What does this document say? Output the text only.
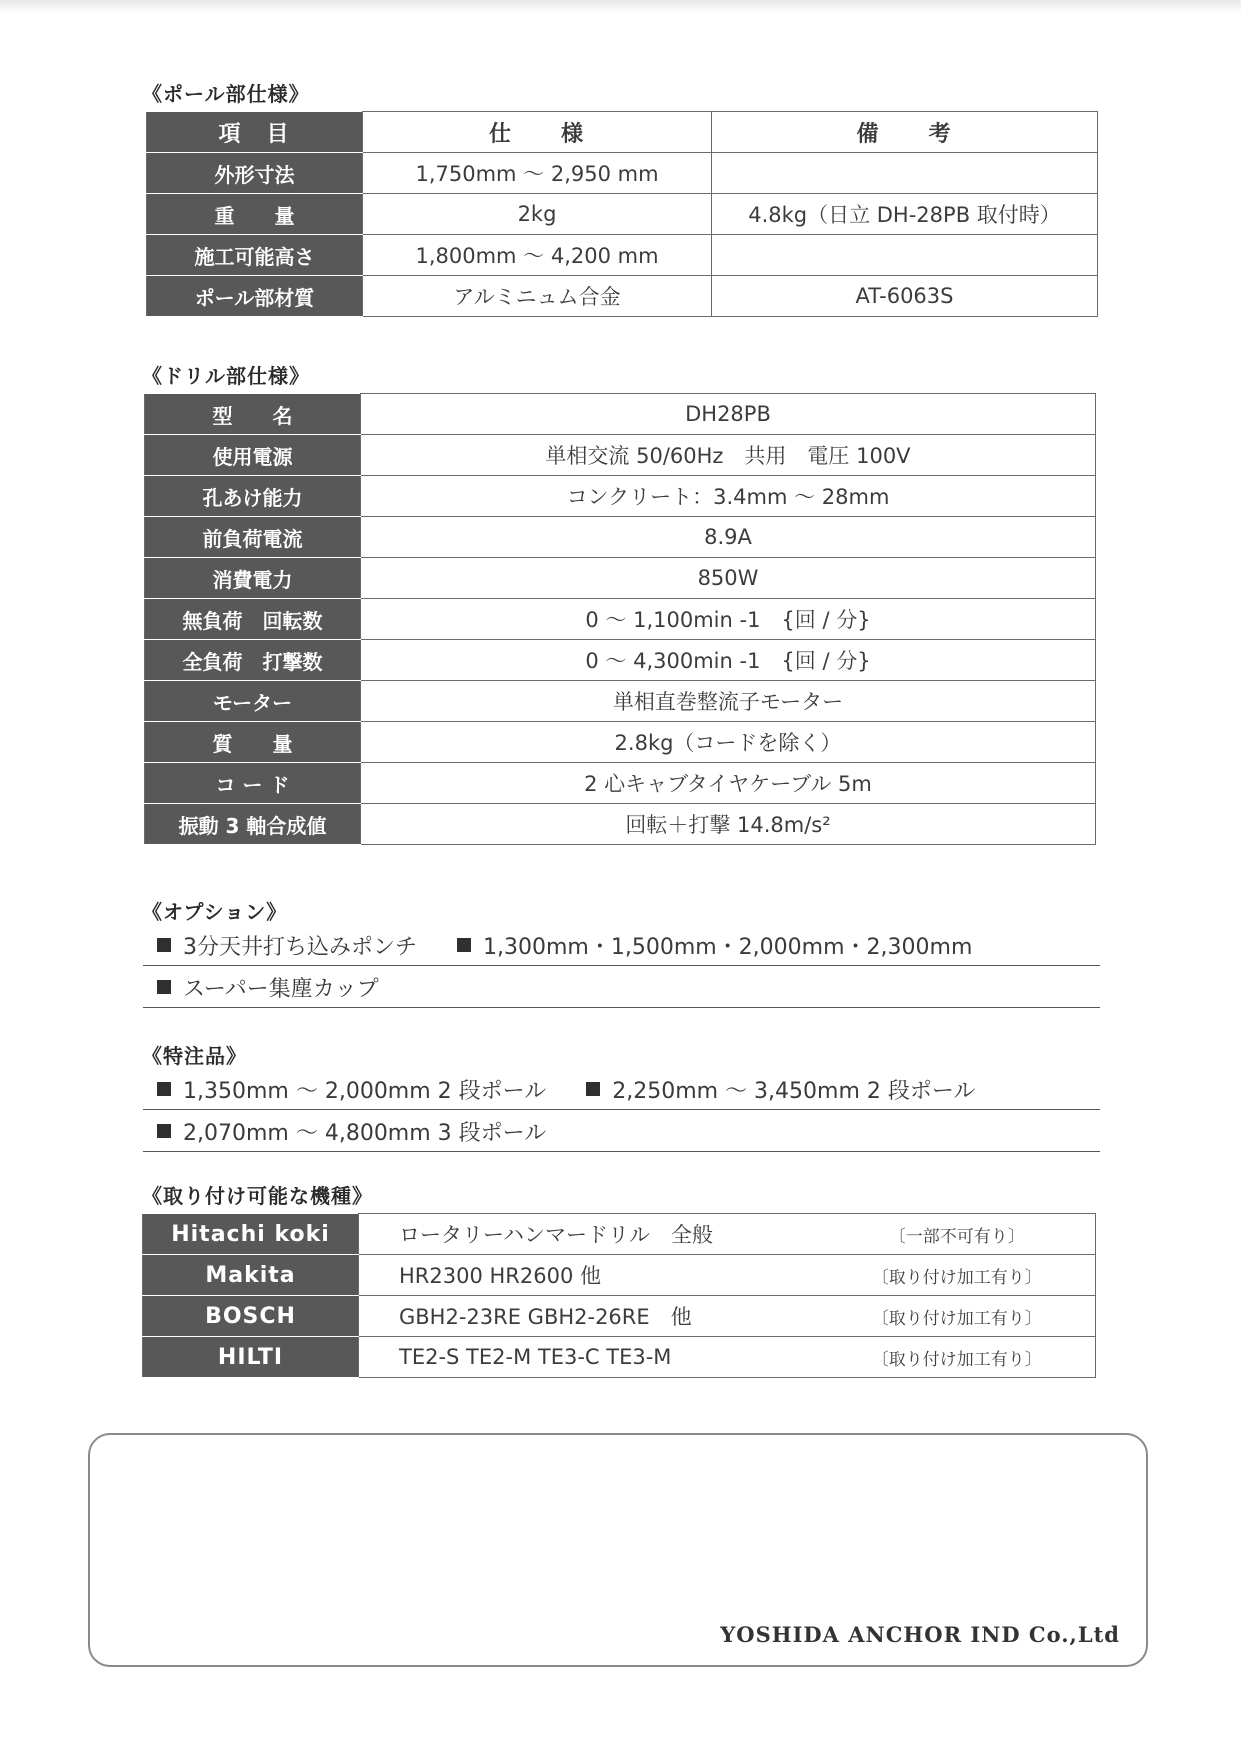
《ポール部仕様》
項　目	仕　　様	備　　考
外形寸法	1,750mm ～ 2,950 mm	
重　　量	2kg	4.8kg（日立 DH-28PB 取付時）
施工可能高さ	1,800mm ～ 4,200 mm	
ポール部材質	アルミニュム合金	AT-6063S
《ドリル部仕様》
型　　名	DH28PB
使用電源	単相交流 50/60Hz　共用　電圧 100V
孔あけ能力	コンクリート：3.4mm ～ 28mm
前負荷電流	8.9A
消費電力	850W
無負荷　回転数	0 ～ 1,100min -1　{回 / 分}
全負荷　打撃数	0 ～ 4,300min -1　{回 / 分}
モーター	単相直巻整流子モーター
質　　量	2.8kg（コードを除く）
コ ー ド	2 心キャブタイヤケーブル 5m
振動 3 軸合成値	回転＋打撃 14.8m/s²
《オプション》
3分天井打ち込みポンチ	1,300mm・1,500mm・2,000mm・2,300mm
スーパー集塵カップ
《特注品》
1,350mm ～ 2,000mm 2 段ポール	2,250mm ～ 3,450mm 2 段ポール
2,070mm ～ 4,800mm 3 段ポール
《取り付け可能な機種》
Hitachi koki	ロータリーハンマードリル　全般	〔一部不可有り〕
Makita	HR2300 HR2600 他	〔取り付け加工有り〕
BOSCH	GBH2-23RE GBH2-26RE　他	〔取り付け加工有り〕
HILTI	TE2-S TE2-M TE3-C TE3-M	〔取り付け加工有り〕
YOSHIDA ANCHOR IND Co.,Ltd
